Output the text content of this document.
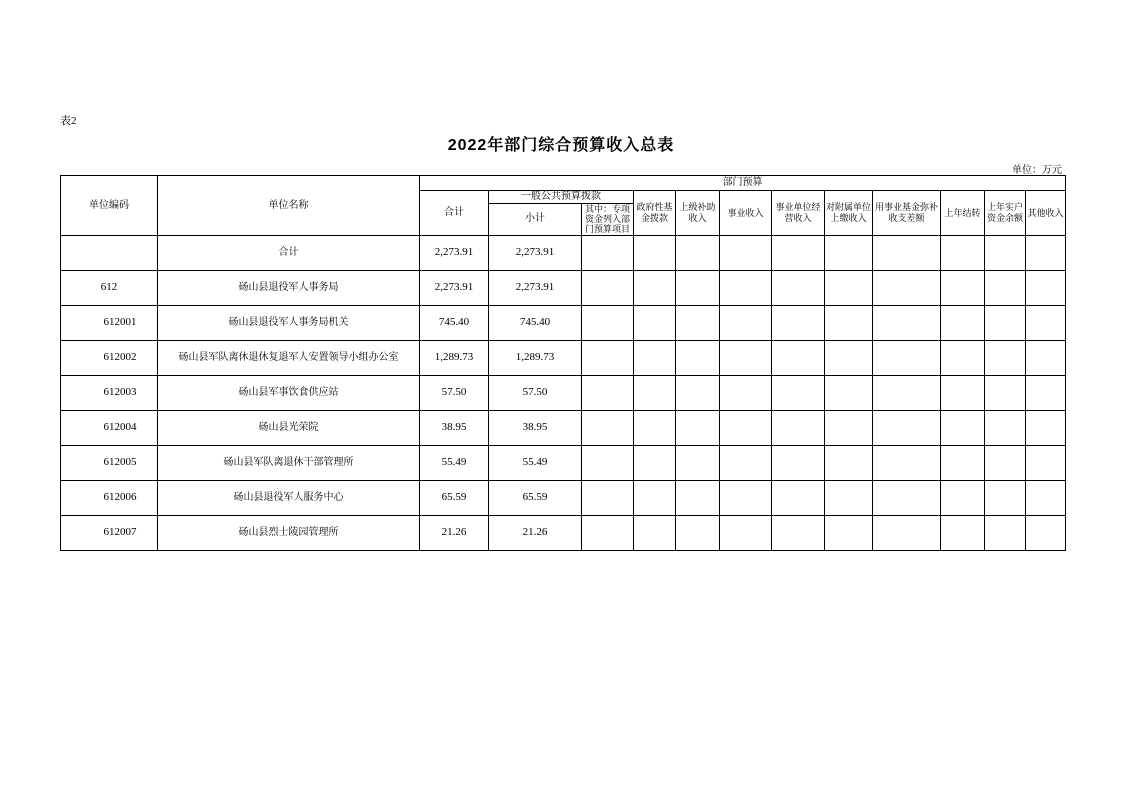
表2
2022年部门综合预算收入总表
单位：万元
单位编码	单位名称	部门预算											
		合计	一般公共预算拨款		政府性基金拨款	上级补助收入	事业收入	事业单位经营收入	对附属单位上缴收入	用事业基金弥补收支差额	上年结转	上年实户资金余额	其他收入
			小计	其中：专项资金列入部门预算项目									

	合计	2,273.91	2,273.91										
612	砀山县退役军人事务局	2,273.91	2,273.91										
612001	砀山县退役军人事务局机关	745.40	745.40										
612002	砀山县军队离休退休复退军人安置领导小组办公室	1,289.73	1,289.73										
612003	砀山县军事饮食供应站	57.50	57.50										
612004	砀山县光荣院	38.95	38.95										
612005	砀山县军队离退休干部管理所	55.49	55.49										
612006	砀山县退役军人服务中心	65.59	65.59										
612007	砀山县烈士陵园管理所	21.26	21.26										
